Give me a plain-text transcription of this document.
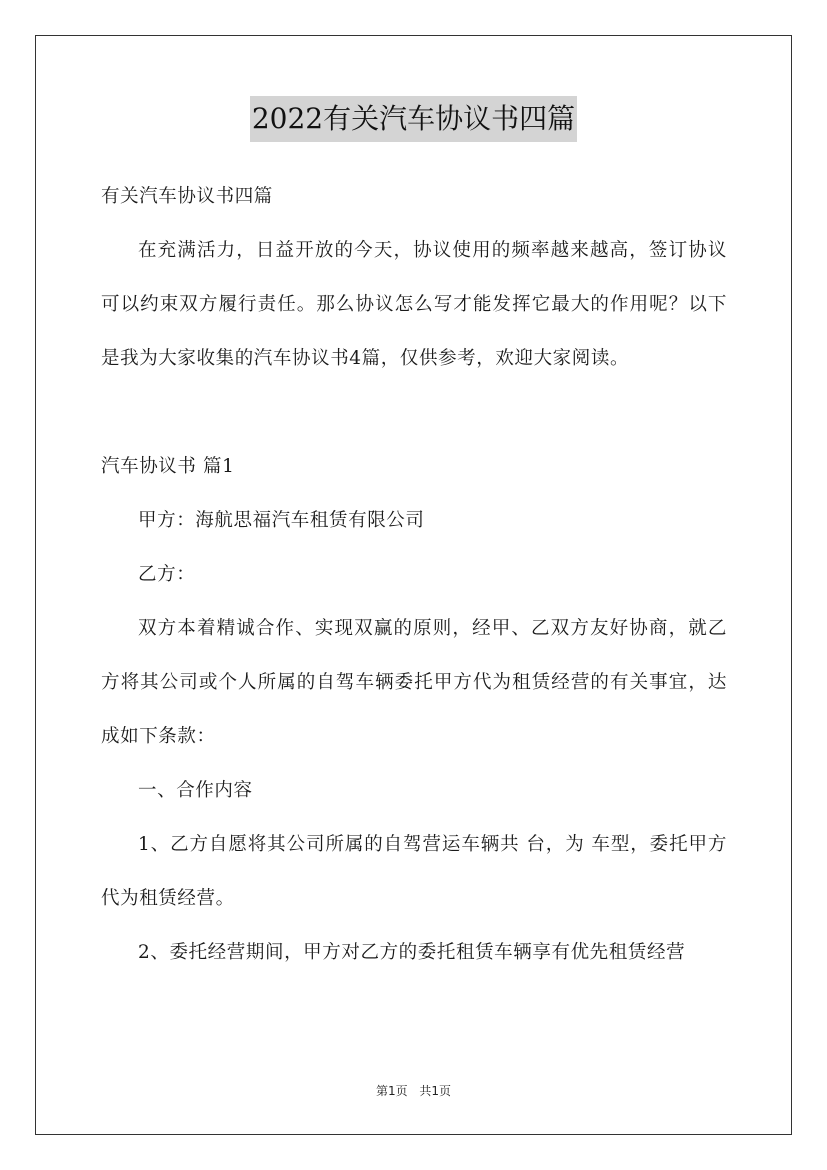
2022有关汽车协议书四篇

有关汽车协议书四篇

在充满活力，日益开放的今天，协议使用的频率越来越高，签订协议可以约束双方履行责任。那么协议怎么写才能发挥它最大的作用呢？以下是我为大家收集的汽车协议书4篇，仅供参考，欢迎大家阅读。

汽车协议书 篇1

甲方：海航思福汽车租赁有限公司

乙方：

双方本着精诚合作、实现双赢的原则，经甲、乙双方友好协商，就乙方将其公司或个人所属的自驾车辆委托甲方代为租赁经营的有关事宜，达成如下条款：

一、合作内容

1、乙方自愿将其公司所属的自驾营运车辆共 台，为 车型，委托甲方代为租赁经营。

2、委托经营期间，甲方对乙方的委托租赁车辆享有优先租赁经营

第1页 共1页
